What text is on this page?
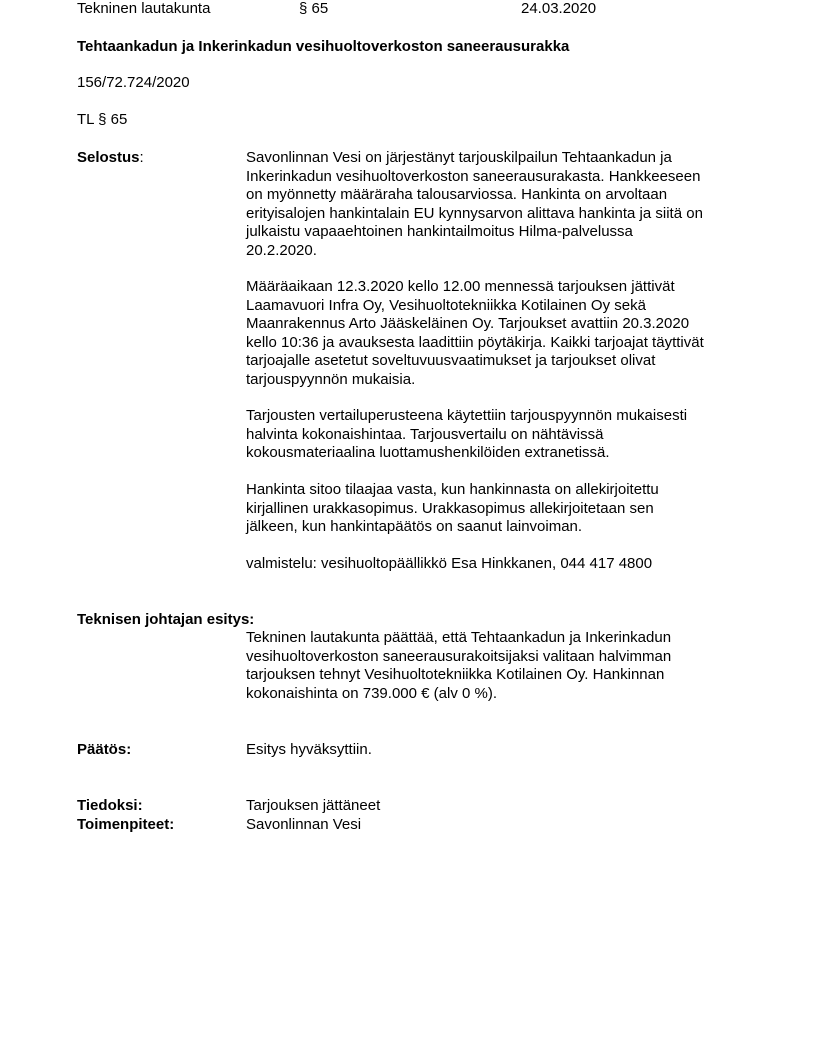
Tekninen lautakunta	§ 65	24.03.2020
Tehtaankadun ja Inkerinkadun vesihuoltoverkoston saneerausurakka
156/72.724/2020
TL § 65
Selostus:	Savonlinnan Vesi on järjestänyt tarjouskilpailun Tehtaankadun ja
Inkerinkadun vesihuoltoverkoston saneerausurakasta. Hankkeeseen
on myönnetty määräraha talousarviossa. Hankinta on arvoltaan
erityisalojen hankintalain EU kynnysarvon alittava hankinta ja siitä on
julkaistu vapaaehtoinen hankintailmoitus Hilma-palvelussa
20.2.2020.
Määräaikaan 12.3.2020 kello 12.00 mennessä tarjouksen jättivät
Laamavuori Infra Oy, Vesihuoltotekniikka Kotilainen Oy sekä
Maanrakennus Arto Jääskeläinen Oy. Tarjoukset avattiin 20.3.2020
kello 10:36 ja avauksesta laadittiin pöytäkirja. Kaikki tarjoajat täyttivät
tarjoajalle asetetut soveltuvuusvaatimukset ja tarjoukset olivat
tarjouspyynnön mukaisia.
Tarjousten vertailuperusteena käytettiin tarjouspyynnön mukaisesti
halvinta kokonaishintaa. Tarjousvertailu on nähtävissä
kokousmateriaalina luottamushenkilöiden extranetissä.
Hankinta sitoo tilaajaa vasta, kun hankinnasta on allekirjoitettu
kirjallinen urakkasopimus. Urakkasopimus allekirjoitetaan sen
jälkeen, kun hankintapäätös on saanut lainvoiman.
valmistelu: vesihuoltopäällikkö Esa Hinkkanen, 044 417 4800
Teknisen johtajan esitys:
Tekninen lautakunta päättää, että Tehtaankadun ja Inkerinkadun
vesihuoltoverkoston saneerausurakoitsijaksi valitaan halvimman
tarjouksen tehnyt Vesihuoltotekniikka Kotilainen Oy. Hankinnan
kokonaishinta on 739.000 € (alv 0 %).
Päätös:	Esitys hyväksyttiin.
Tiedoksi:	Tarjouksen jättäneet
Toimenpiteet:	Savonlinnan Vesi
